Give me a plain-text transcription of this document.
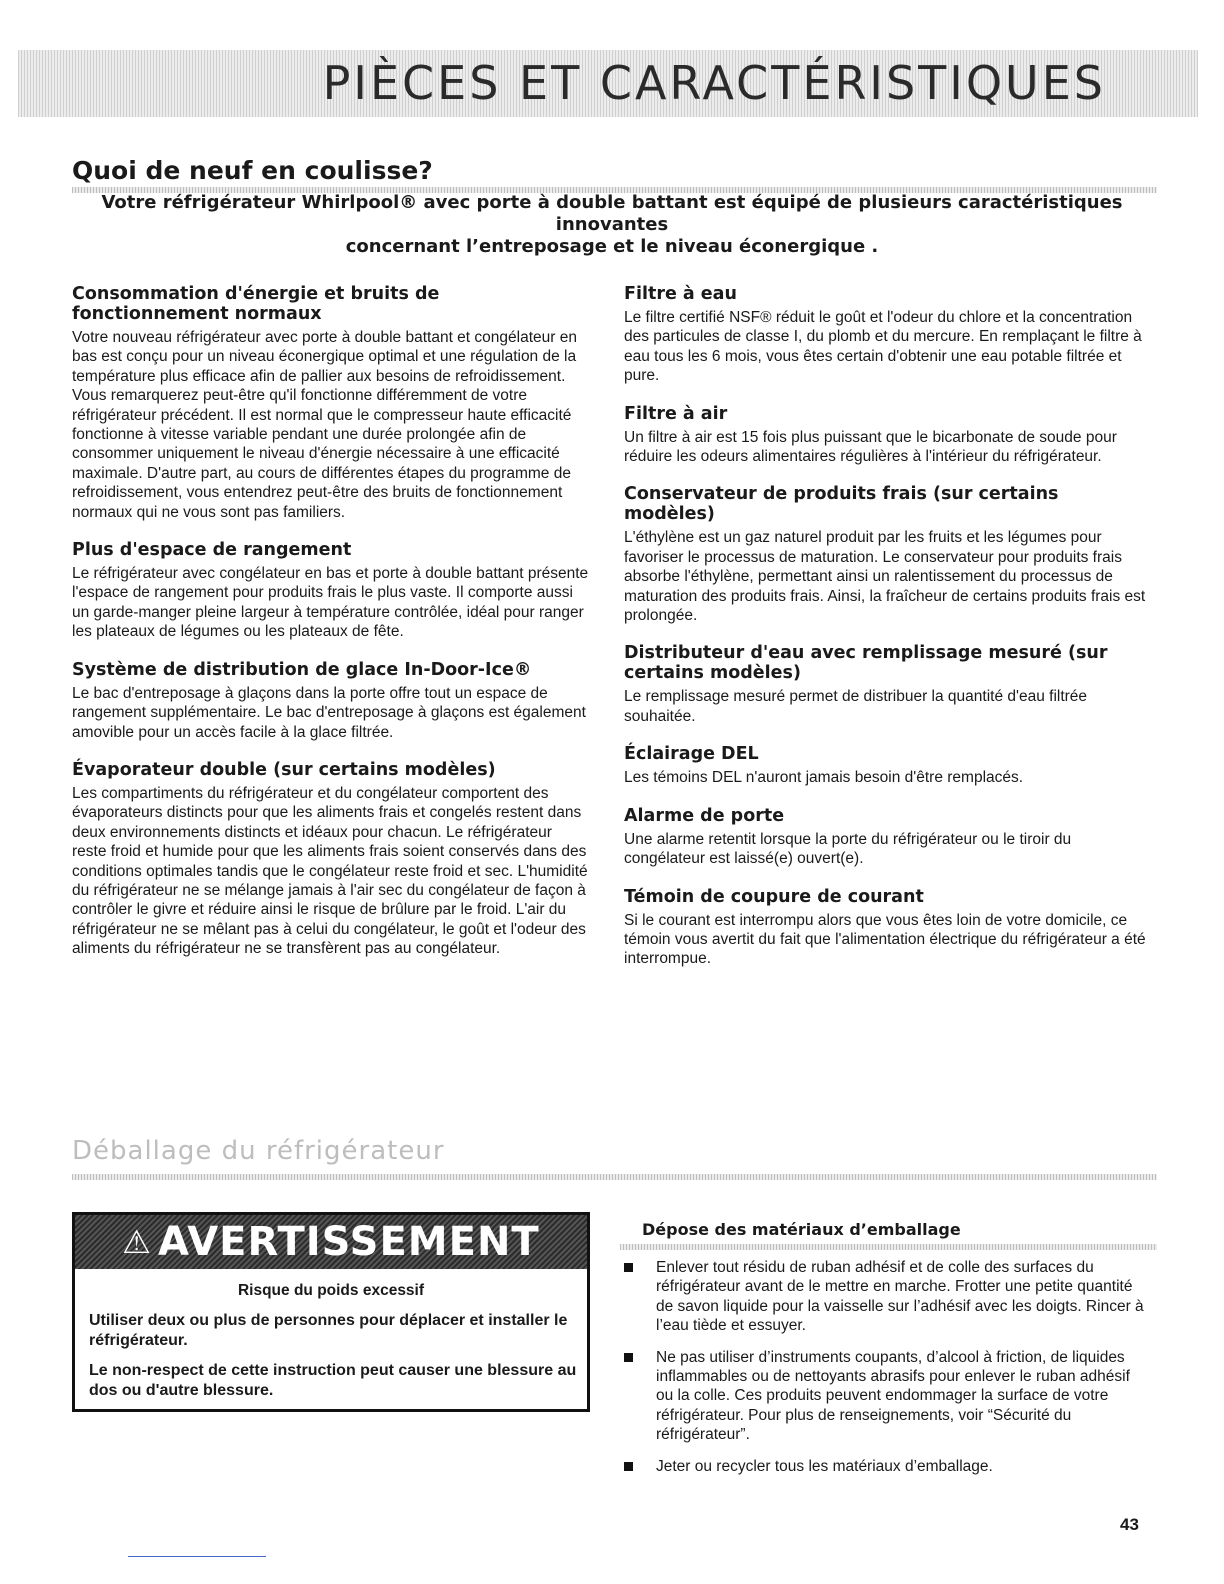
PIÈCES ET CARACTÉRISTIQUES
Quoi de neuf en coulisse?
Votre réfrigérateur Whirlpool® avec porte à double battant est équipé de plusieurs caractéristiques innovantes
concernant l’entreposage et le niveau éconergique .
Consommation d'énergie et bruits de fonctionnement normaux

Votre nouveau réfrigérateur avec porte à double battant et congélateur en bas est conçu pour un niveau éconergique optimal et une régulation de la température plus efficace afin de pallier aux besoins de refroidissement. Vous remarquerez peut-être qu'il fonctionne différemment de votre réfrigérateur précédent. Il est normal que le compresseur haute efficacité fonctionne à vitesse variable pendant une durée prolongée afin de consommer uniquement le niveau d'énergie nécessaire à une efficacité maximale. D'autre part, au cours de différentes étapes du programme de refroidissement, vous entendrez peut-être des bruits de fonctionnement normaux qui ne vous sont pas familiers.

Plus d'espace de rangement

Le réfrigérateur avec congélateur en bas et porte à double battant présente l'espace de rangement pour produits frais le plus vaste. Il comporte aussi un garde-manger pleine largeur à température contrôlée, idéal pour ranger les plateaux de légumes ou les plateaux de fête.

Système de distribution de glace In-Door-Ice®

Le bac d'entreposage à glaçons dans la porte offre tout un espace de rangement supplémentaire. Le bac d'entreposage à glaçons est également amovible pour un accès facile à la glace filtrée.

Évaporateur double (sur certains modèles)

Les compartiments du réfrigérateur et du congélateur comportent des évaporateurs distincts pour que les aliments frais et congelés restent dans deux environnements distincts et idéaux pour chacun. Le réfrigérateur reste froid et humide pour que les aliments frais soient conservés dans des conditions optimales tandis que le congélateur reste froid et sec. L'humidité du réfrigérateur ne se mélange jamais à l'air sec du congélateur de façon à contrôler le givre et réduire ainsi le risque de brûlure par le froid. L'air du réfrigérateur ne se mêlant pas à celui du congélateur, le goût et l'odeur des aliments du réfrigérateur ne se transfèrent pas au congélateur.

Filtre à eau

Le filtre certifié NSF® réduit le goût et l'odeur du chlore et la concentration des particules de classe I, du plomb et du mercure. En remplaçant le filtre à eau tous les 6 mois, vous êtes certain d'obtenir une eau potable filtrée et pure.

Filtre à air

Un filtre à air est 15 fois plus puissant que le bicarbonate de soude pour réduire les odeurs alimentaires régulières à l'intérieur du réfrigérateur.

Conservateur de produits frais (sur certains modèles)

L'éthylène est un gaz naturel produit par les fruits et les légumes pour favoriser le processus de maturation. Le conservateur pour produits frais absorbe l'éthylène, permettant ainsi un ralentissement du processus de maturation des produits frais. Ainsi, la fraîcheur de certains produits frais est prolongée.

Distributeur d'eau avec remplissage mesuré (sur certains modèles)

Le remplissage mesuré permet de distribuer la quantité d'eau filtrée souhaitée.

Éclairage DEL

Les témoins DEL n'auront jamais besoin d'être remplacés.

Alarme de porte

Une alarme retentit lorsque la porte du réfrigérateur ou le tiroir du congélateur est laissé(e) ouvert(e).

Témoin de coupure de courant

Si le courant est interrompu alors que vous êtes loin de votre domicile, ce témoin vous avertit du fait que l'alimentation électrique du réfrigérateur a été interrompue.

Déballage du réfrigérateur
⚠ AVERTISSEMENT
Risque du poids excessif
Utiliser deux ou plus de personnes pour déplacer et installer le réfrigérateur.
Le non-respect de cette instruction peut causer une blessure au dos ou d'autre blessure.
Dépose des matériaux d’emballage
Enlever tout résidu de ruban adhésif et de colle des surfaces du réfrigérateur avant de le mettre en marche. Frotter une petite quantité de savon liquide pour la vaisselle sur l’adhésif avec les doigts. Rincer à l’eau tiède et essuyer.
Ne pas utiliser d’instruments coupants, d’alcool à friction, de liquides inflammables ou de nettoyants abrasifs pour enlever le ruban adhésif ou la colle. Ces produits peuvent endommager la surface de votre réfrigérateur. Pour plus de renseignements, voir “Sécurité du réfrigérateur”.
Jeter ou recycler tous les matériaux d’emballage.
43
